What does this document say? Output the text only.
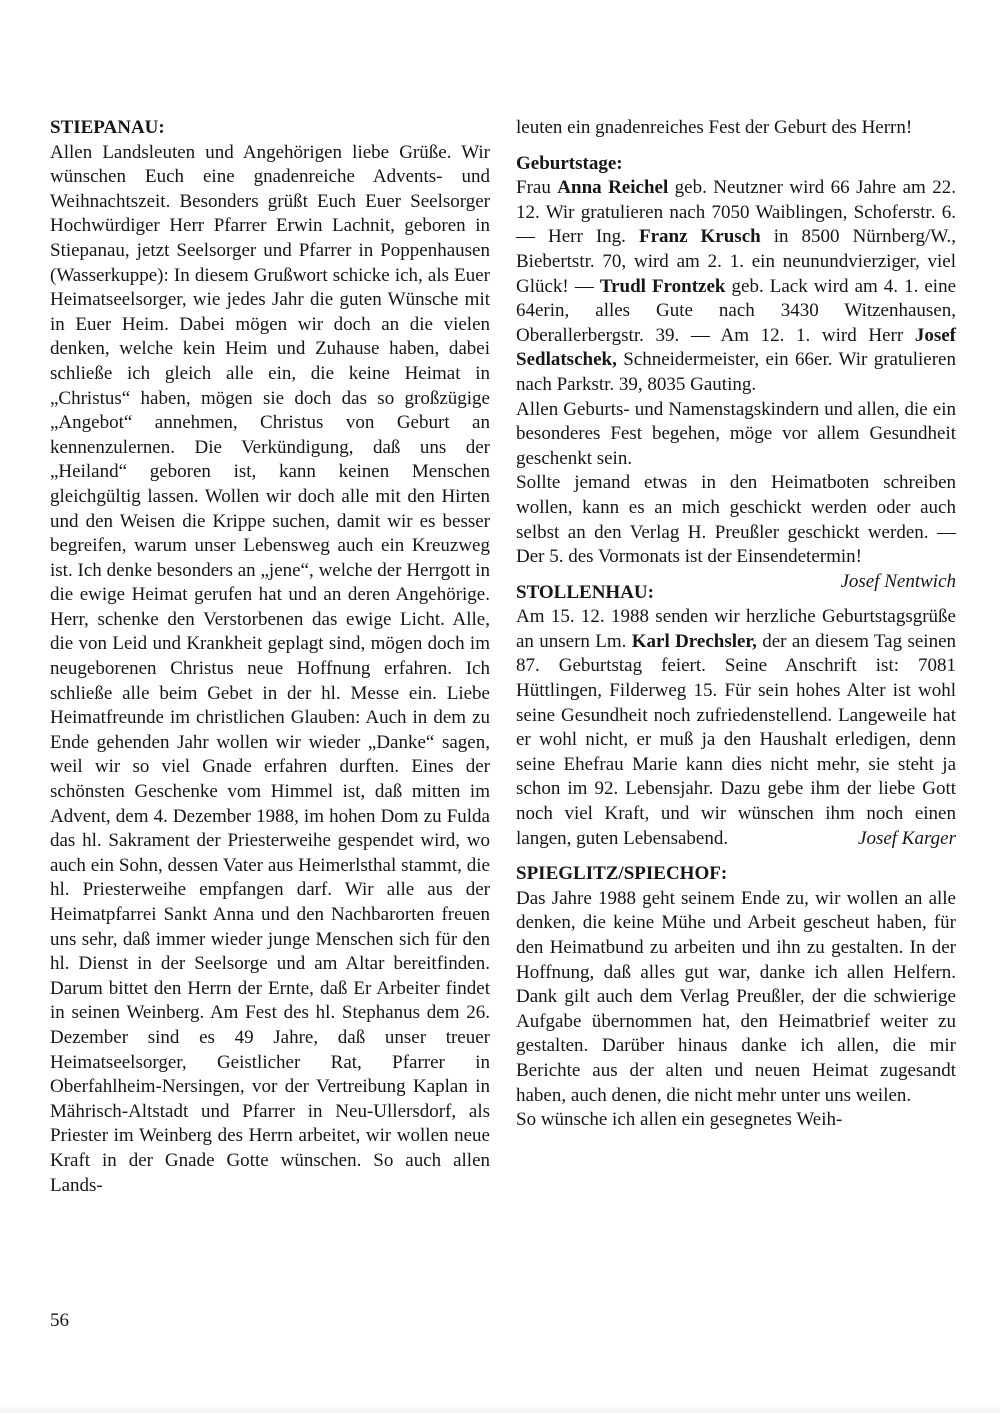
STIEPANAU:

Allen Landsleuten und Angehörigen liebe Grüße. Wir wünschen Euch eine gnadenreiche Advents- und Weihnachtszeit. Besonders grüßt Euch Euer Seelsorger Hochwürdiger Herr Pfarrer Erwin Lachnit, geboren in Stiepanau, jetzt Seelsorger und Pfarrer in Poppenhausen (Wasserkuppe): In diesem Grußwort schicke ich, als Euer Heimatseelsorger, wie jedes Jahr die guten Wünsche mit in Euer Heim. Dabei mögen wir doch an die vielen denken, welche kein Heim und Zuhause haben, dabei schließe ich gleich alle ein, die keine Heimat in „Christus“ haben, mögen sie doch das so großzügige „Angebot“ annehmen, Christus von Geburt an kennenzulernen. Die Verkündigung, daß uns der „Heiland“ geboren ist, kann keinen Menschen gleichgültig lassen. Wollen wir doch alle mit den Hirten und den Weisen die Krippe suchen, damit wir es besser begreifen, warum unser Lebensweg auch ein Kreuzweg ist. Ich denke besonders an „jene“, welche der Herrgott in die ewige Heimat gerufen hat und an deren Angehörige. Herr, schenke den Verstorbenen das ewige Licht. Alle, die von Leid und Krankheit geplagt sind, mögen doch im neugeborenen Christus neue Hoffnung erfahren. Ich schließe alle beim Gebet in der hl. Messe ein. Liebe Heimatfreunde im christlichen Glauben: Auch in dem zu Ende gehenden Jahr wollen wir wieder „Danke“ sagen, weil wir so viel Gnade erfahren durften. Eines der schönsten Geschenke vom Himmel ist, daß mitten im Advent, dem 4. Dezember 1988, im hohen Dom zu Fulda das hl. Sakrament der Priesterweihe gespendet wird, wo auch ein Sohn, dessen Vater aus Heimerlsthal stammt, die hl. Priesterweihe empfangen darf. Wir alle aus der Heimatpfarrei Sankt Anna und den Nachbarorten freuen uns sehr, daß immer wieder junge Menschen sich für den hl. Dienst in der Seelsorge und am Altar bereitfinden. Darum bittet den Herrn der Ernte, daß Er Arbeiter findet in seinen Weinberg. Am Fest des hl. Stephanus dem 26. Dezember sind es 49 Jahre, daß unser treuer Heimatseelsorger, Geistlicher Rat, Pfarrer in Oberfahlheim-Nersingen, vor der Vertreibung Kaplan in Mährisch-Altstadt und Pfarrer in Neu-Ullersdorf, als Priester im Weinberg des Herrn arbeitet, wir wollen neue Kraft in der Gnade Gotte wünschen. So auch allen Lands-

leuten ein gnadenreiches Fest der Geburt des Herrn!

Geburtstage:

Frau Anna Reichel geb. Neutzner wird 66 Jahre am 22. 12. Wir gratulieren nach 7050 Waiblingen, Schoferstr. 6. — Herr Ing. Franz Krusch in 8500 Nürnberg/W., Biebertstr. 70, wird am 2. 1. ein neunundvierziger, viel Glück! — Trudl Frontzek geb. Lack wird am 4. 1. eine 64erin, alles Gute nach 3430 Witzenhausen, Oberallerbergstr. 39. — Am 12. 1. wird Herr Josef Sedlatschek, Schneidermeister, ein 66er. Wir gratulieren nach Parkstr. 39, 8035 Gauting.

Allen Geburts- und Namenstagskindern und allen, die ein besonderes Fest begehen, möge vor allem Gesundheit geschenkt sein.

Sollte jemand etwas in den Heimatboten schreiben wollen, kann es an mich geschickt werden oder auch selbst an den Verlag H. Preußler geschickt werden. — Der 5. des Vormonats ist der Einsendetermin!
Josef Nentwich

STOLLENHAU:

Am 15. 12. 1988 senden wir herzliche Geburtstagsgrüße an unsern Lm. Karl Drechsler, der an diesem Tag seinen 87. Geburtstag feiert. Seine Anschrift ist: 7081 Hüttlingen, Filderweg 15. Für sein hohes Alter ist wohl seine Gesundheit noch zufriedenstellend. Langeweile hat er wohl nicht, er muß ja den Haushalt erledigen, denn seine Ehefrau Marie kann dies nicht mehr, sie steht ja schon im 92. Lebensjahr. Dazu gebe ihm der liebe Gott noch viel Kraft, und wir wünschen ihm noch einen langen, guten Lebensabend.	Josef Karger

SPIEGLITZ/SPIECHOF:

Das Jahre 1988 geht seinem Ende zu, wir wollen an alle denken, die keine Mühe und Arbeit gescheut haben, für den Heimatbund zu arbeiten und ihn zu gestalten. In der Hoffnung, daß alles gut war, danke ich allen Helfern. Dank gilt auch dem Verlag Preußler, der die schwierige Aufgabe übernommen hat, den Heimatbrief weiter zu gestalten. Darüber hinaus danke ich allen, die mir Berichte aus der alten und neuen Heimat zugesandt haben, auch denen, die nicht mehr unter uns weilen.

So wünsche ich allen ein gesegnetes Weih-

56
